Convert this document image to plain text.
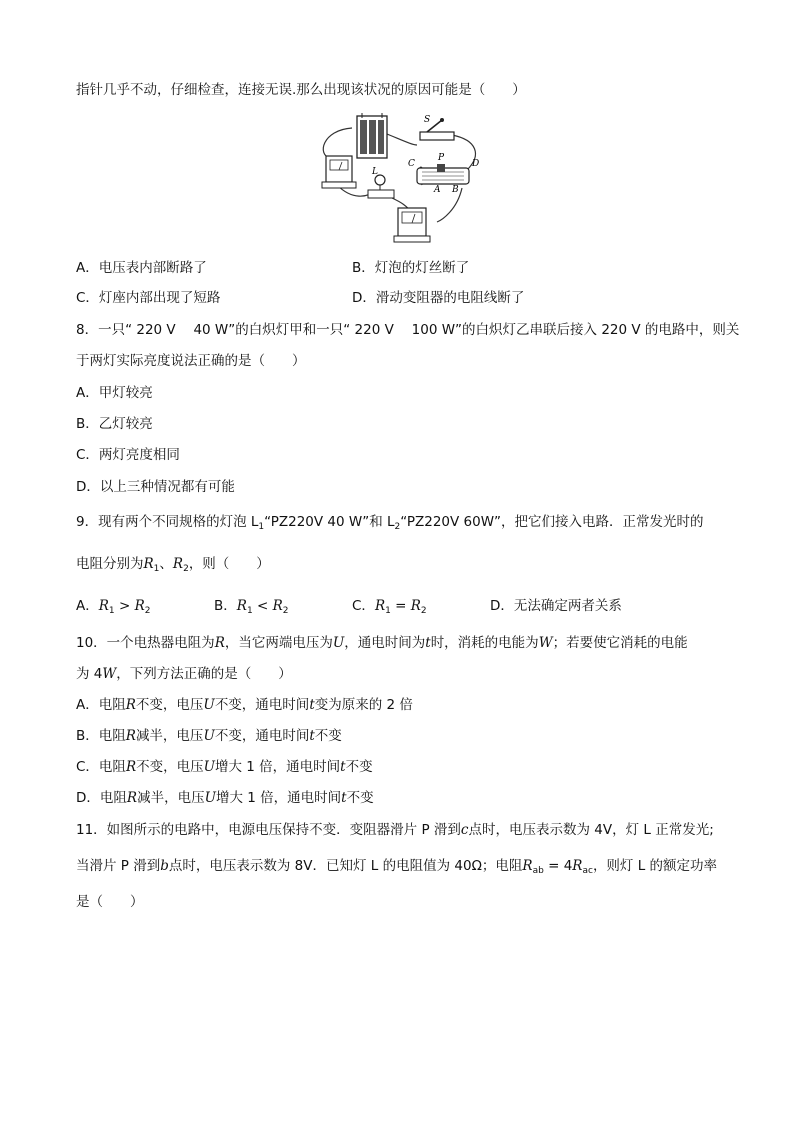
指针几乎不动，仔细检查，连接无误.那么出现该状况的原因可能是（　　）
S
L
C
P
D
A B
A．电压表内部断路了	B．灯泡的灯丝断了
C．灯座内部出现了短路	D．滑动变阻器的电阻线断了
8．一只“ 220 V　 40 W”的白炽灯甲和一只“ 220 V　 100 W”的白炽灯乙串联后接入 220 V 的电路中，则关
于两灯实际亮度说法正确的是（　　）
A．甲灯较亮
B．乙灯较亮
C．两灯亮度相同
D．以上三种情况都有可能
9．现有两个不同规格的灯泡 $L_1“PZ220V$ 40 W”和 $L_2“PZ220V$ 60W”，把它们接入电路．正常发光时的
电阻分别为$R_1$、$R_2$，则（　　）
A．$R_1 > R_2$	B．$R_1 < R_2$	C．$R_1 = R_2$	D．无法确定两者关系
10．一个电热器电阻为R，当它两端电压为U，通电时间为t时，消耗的电能为W；若要使它消耗的电能
为 4W，下列方法正确的是（　　）
A．电阻R不变，电压U不变，通电时间t变为原来的 2 倍
B．电阻R减半，电压U不变，通电时间t不变
C．电阻R不变，电压U增大 1 倍，通电时间t不变
D．电阻R减半，电压U增大 1 倍，通电时间t不变
11．如图所示的电路中，电源电压保持不变．变阻器滑片 P 滑到c点时，电压表示数为 4V，灯 L 正常发光;
当滑片 P 滑到b点时，电压表示数为 8V．已知灯 L 的电阻值为 40Ω；电阻$R_{ab} = 4R_{ac}$，则灯 L 的额定功率
是（　　）
